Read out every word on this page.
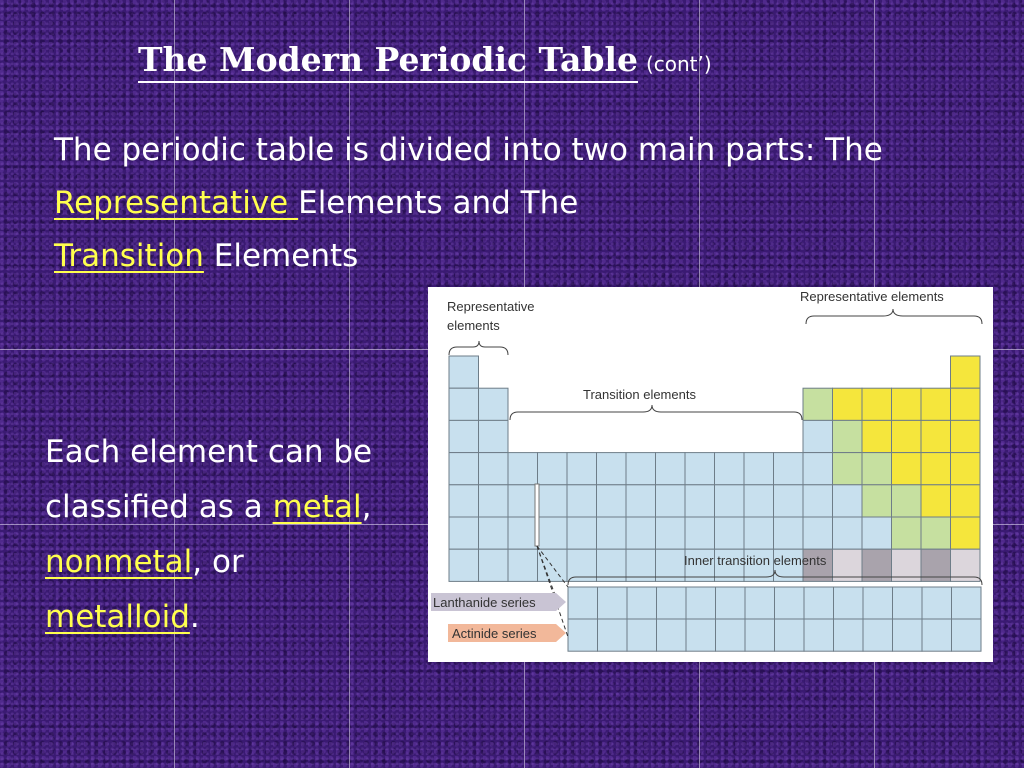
The Modern Periodic Table (cont’)
The periodic table is divided into two main parts: The Representative Elements and The
Transition Elements
Each element can be classified as a metal, nonmetal, or metalloid.
Representative
elements
Representative elements
Transition elements
Inner transition elements
Lanthanide series
Actinide series
